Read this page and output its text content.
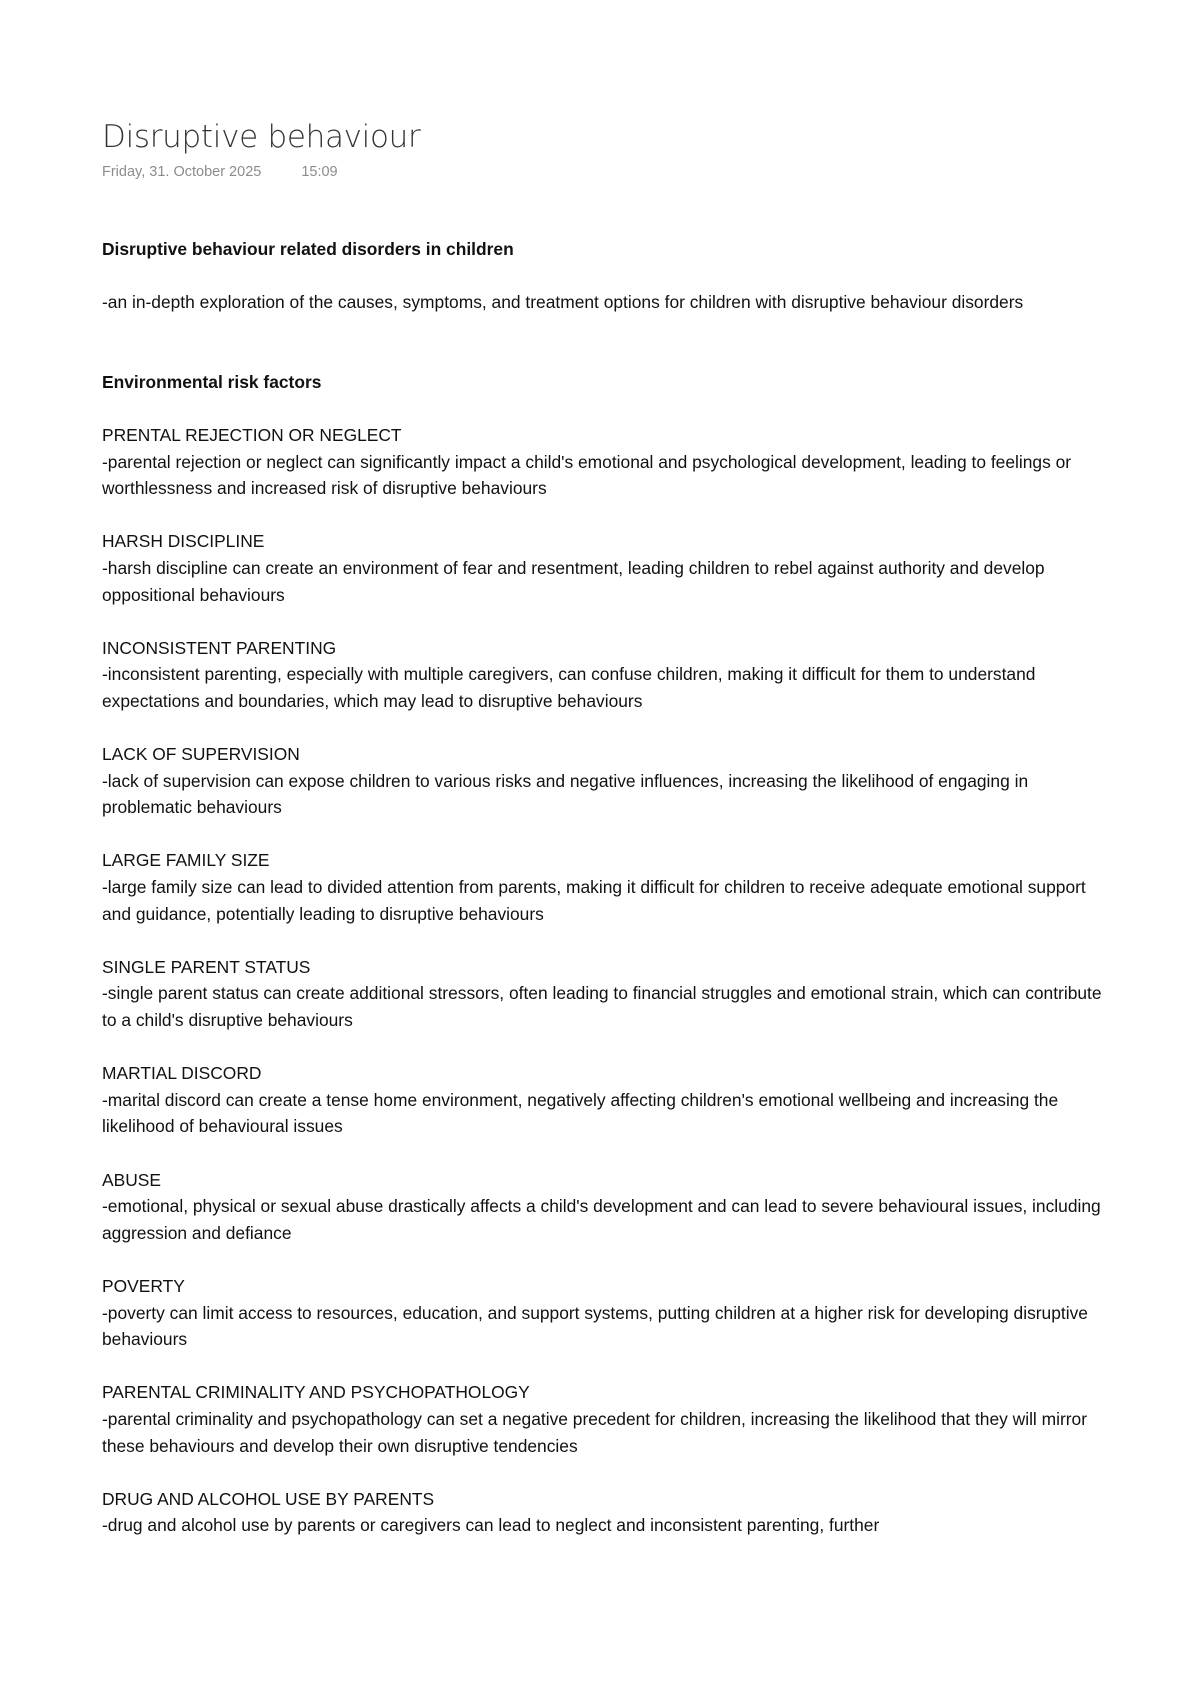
Disruptive behaviour
Friday, 31. October 2025	15:09

Disruptive behaviour related disorders in children

-an in-depth exploration of the causes, symptoms, and treatment options for children with disruptive behaviour disorders

Environmental risk factors

PRENTAL REJECTION OR NEGLECT

-parental rejection or neglect can significantly impact a child's emotional and psychological development, leading to feelings or worthlessness and increased risk of disruptive behaviours

HARSH DISCIPLINE

-harsh discipline can create an environment of fear and resentment, leading children to rebel against authority and develop oppositional behaviours

INCONSISTENT PARENTING

-inconsistent parenting, especially with multiple caregivers, can confuse children, making it difficult for them to understand expectations and boundaries, which may lead to disruptive behaviours

LACK OF SUPERVISION

-lack of supervision can expose children to various risks and negative influences, increasing the likelihood of engaging in problematic behaviours

LARGE FAMILY SIZE

-large family size can lead to divided attention from parents, making it difficult for children to receive adequate emotional support and guidance, potentially leading to disruptive behaviours

SINGLE PARENT STATUS

-single parent status can create additional stressors, often leading to financial struggles and emotional strain, which can contribute to a child's disruptive behaviours

MARTIAL DISCORD

-marital discord can create a tense home environment, negatively affecting children's emotional wellbeing and increasing the likelihood of behavioural issues

ABUSE

-emotional, physical or sexual abuse drastically affects a child's development and can lead to severe behavioural issues, including aggression and defiance

POVERTY

-poverty can limit access to resources, education, and support systems, putting children at a higher risk for developing disruptive behaviours

PARENTAL CRIMINALITY AND PSYCHOPATHOLOGY

-parental criminality and psychopathology can set a negative precedent for children, increasing the likelihood that they will mirror these behaviours and develop their own disruptive tendencies

DRUG AND ALCOHOL USE BY PARENTS

-drug and alcohol use by parents or caregivers can lead to neglect and inconsistent parenting, further
